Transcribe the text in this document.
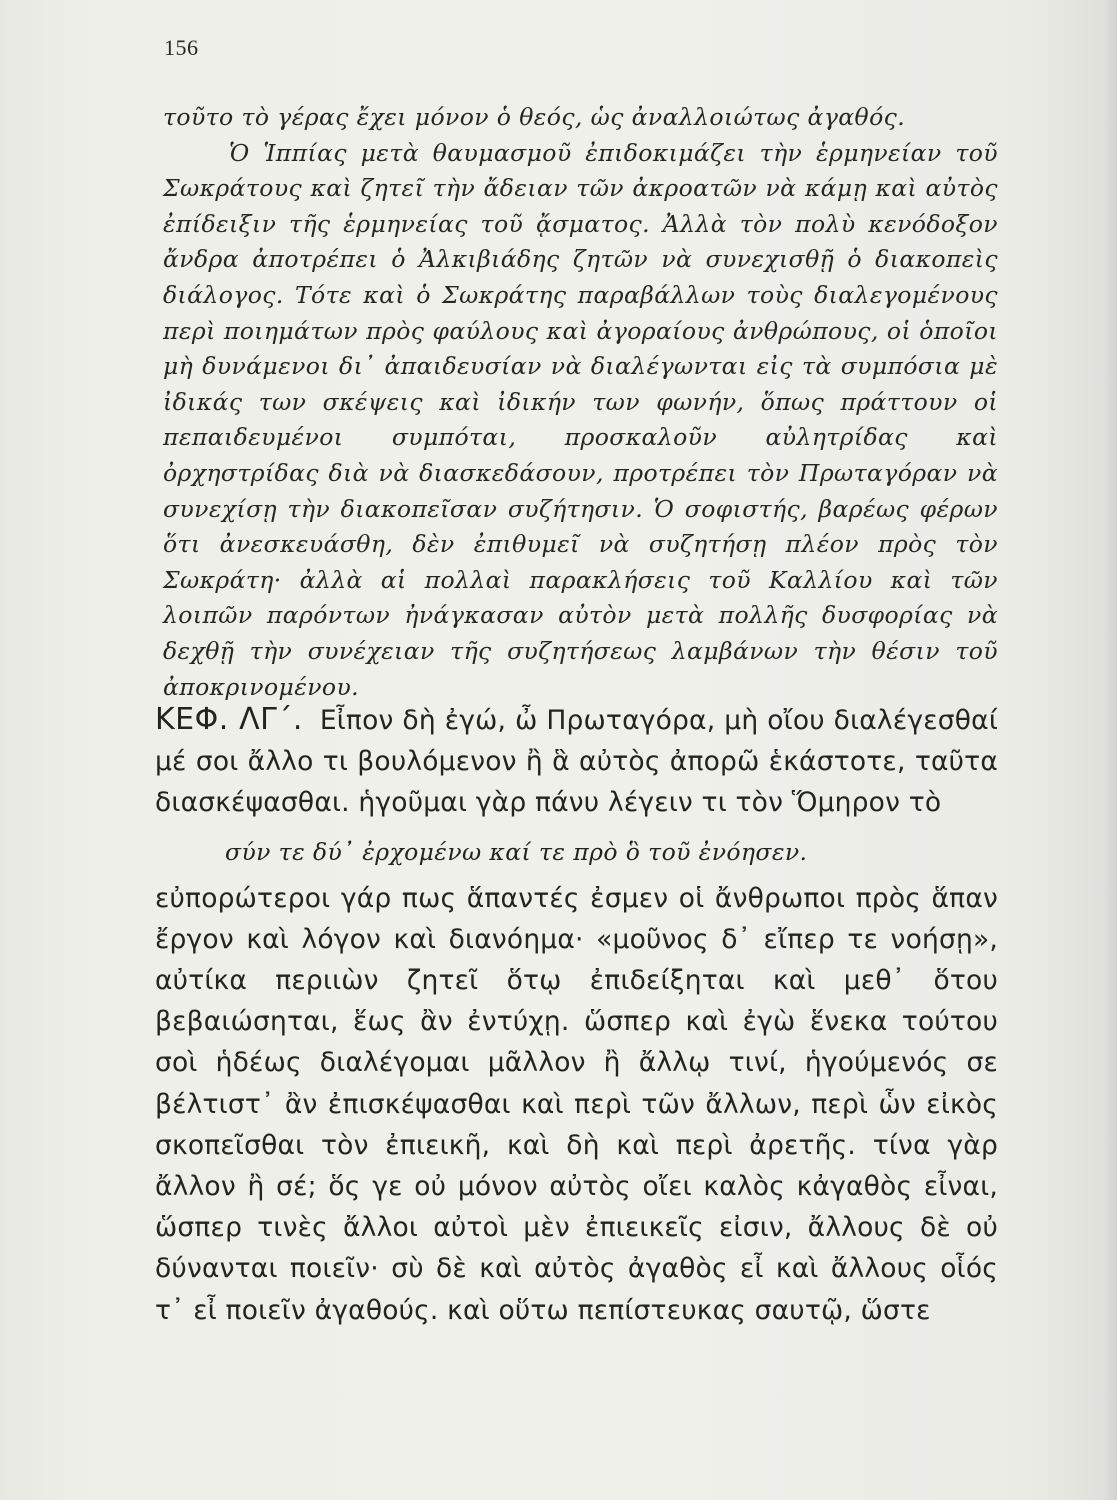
156

τοῦτο τὸ γέρας ἔχει μόνον ὁ θεός, ὡς ἀναλλοιώτως ἀγαθός.

Ὁ Ἱππίας μετὰ θαυμασμοῦ ἐπιδοκιμάζει τὴν ἑρμηνείαν τοῦ Σωκράτους καὶ ζητεῖ τὴν ἄδειαν τῶν ἀκροατῶν νὰ κάμῃ καὶ αὐτὸς ἐπίδειξιν τῆς ἑρμηνείας τοῦ ᾄσματος. Ἀλλὰ τὸν πολὺ κενόδοξον ἄνδρα ἀποτρέπει ὁ Ἀλκιβιάδης ζητῶν νὰ συνεχισθῇ ὁ διακοπεὶς διάλογος. Τότε καὶ ὁ Σωκράτης παραβάλλων τοὺς διαλεγομένους περὶ ποιημάτων πρὸς φαύλους καὶ ἀγοραίους ἀνθρώπους, οἱ ὁποῖοι μὴ δυνάμενοι δι᾽ ἀπαιδευσίαν νὰ διαλέγωνται εἰς τὰ συμπόσια μὲ ἰδικάς των σκέψεις καὶ ἰδικήν των φωνήν, ὅπως πράττουν οἱ πεπαιδευμένοι συμπόται, προσκαλοῦν αὐλητρίδας καὶ ὀρχηστρίδας διὰ νὰ διασκεδάσουν, προτρέπει τὸν Πρωταγόραν νὰ συνεχίσῃ τὴν διακοπεῖσαν συζήτησιν. Ὁ σοφιστής, βαρέως φέρων ὅτι ἀνεσκευάσθη, δὲν ἐπιθυμεῖ νὰ συζητήσῃ πλέον πρὸς τὸν Σωκράτη· ἀλλὰ αἱ πολλαὶ παρακλήσεις τοῦ Καλλίου καὶ τῶν λοιπῶν παρόντων ἠνάγκασαν αὐτὸν μετὰ πολλῆς δυσφορίας νὰ δεχθῇ τὴν συνέχειαν τῆς συζητήσεως λαμβάνων τὴν θέσιν τοῦ ἀποκρινομένου.

ΚΕΦ. ΛΓ΄. Εἶπον δὴ ἐγώ, ὦ Πρωταγόρα, μὴ οἴου διαλέγεσθαί μέ σοι ἄλλο τι βουλόμενον ἢ ἃ αὐτὸς ἀπορῶ ἑκάστοτε, ταῦτα διασκέψασθαι. ἡγοῦμαι γὰρ πάνυ λέγειν τι τὸν Ὅμηρον τὸ

σύν τε δύ᾽ ἐρχομένω καί τε πρὸ ὃ τοῦ ἐνόησεν.

εὐπορώτεροι γάρ πως ἅπαντές ἐσμεν οἱ ἄνθρωποι πρὸς ἅπαν ἔργον καὶ λόγον καὶ διανόημα· «μοῦνος δ᾽ εἴπερ τε νοήσῃ», αὐτίκα περιιὼν ζητεῖ ὅτῳ ἐπιδείξηται καὶ μεθ᾽ ὅτου βεβαιώσηται, ἕως ἂν ἐντύχῃ. ὥσπερ καὶ ἐγὼ ἕνεκα τούτου σοὶ ἡδέως διαλέγομαι μᾶλλον ἢ ἄλλῳ τινί, ἡγούμενός σε βέλτιστ᾽ ἂν ἐπισκέψασθαι καὶ περὶ τῶν ἄλλων, περὶ ὧν εἰκὸς σκοπεῖσθαι τὸν ἐπιεικῆ, καὶ δὴ καὶ περὶ ἀρετῆς. τίνα γὰρ ἄλλον ἢ σέ; ὅς γε οὐ μόνον αὐτὸς οἴει καλὸς κἀγαθὸς εἶναι, ὥσπερ τινὲς ἄλλοι αὐτοὶ μὲν ἐπιεικεῖς εἰσιν, ἄλλους δὲ οὐ δύνανται ποιεῖν· σὺ δὲ καὶ αὐτὸς ἀγαθὸς εἶ καὶ ἄλλους οἷός τ᾽ εἶ ποιεῖν ἀγαθούς. καὶ οὕτω πεπίστευκας σαυτῷ, ὥστε
